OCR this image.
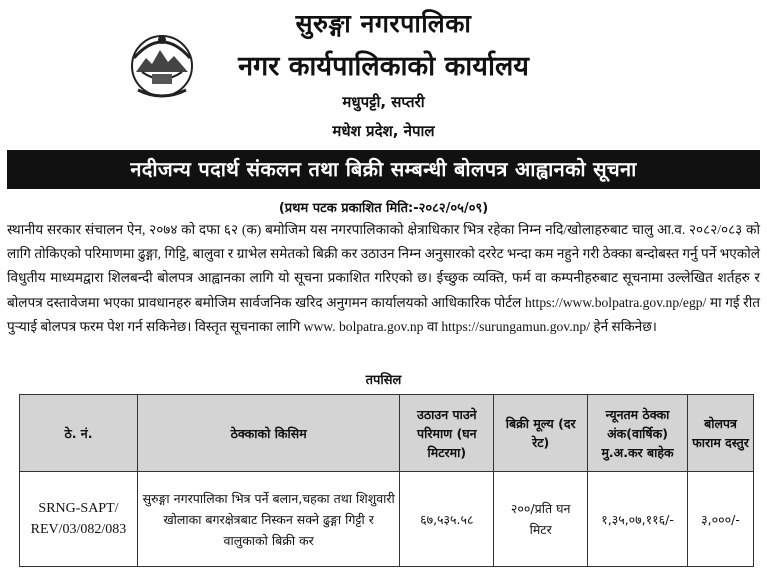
सुरुङ्गा नगरपालिका
नगर कार्यपालिकाको कार्यालय
मधुपट्टी, सप्तरी
मधेश प्रदेश, नेपाल
नदीजन्य पदार्थ संकलन तथा बिक्री सम्बन्धी बोलपत्र आह्वानको सूचना
(प्रथम पटक प्रकाशित मिति:-२०८२/०५/०९)
स्थानीय सरकार संचालन ऐन, २०७४ को दफा ६२ (क) बमोजिम यस नगरपालिकाको क्षेत्राधिकार भित्र रहेका निम्न नदि/खोलाहरुबाट चालु आ.व. २०८२/०८३ को लागि तोकिएको परिमाणमा ढुङ्गा, गिट्टि, बालुवा र ग्राभेल समेतको बिक्री कर उठाउन निम्न अनुसारको दररेट भन्दा कम नहुने गरी ठेक्का बन्दोबस्त गर्नु पर्ने भएकोले विधुतीय माध्यमद्वारा शिलबन्दी बोलपत्र आह्वानका लागि यो सूचना प्रकाशित गरिएको छ। ईच्छुक व्यक्ति, फर्म वा कम्पनीहरुबाट सूचनामा उल्लेखित शर्तहरु र बोलपत्र दस्तावेजमा भएका प्रावधानहरु बमोजिम सार्वजनिक खरिद अनुगमन कार्यालयको आधिकारिक पोर्टल https://www.bolpatra.gov.np/egp/ मा गई रीत पुर्‍याई बोलपत्र फरम पेश गर्न सकिनेछ। विस्तृत सूचनाका लागि www. bolpatra.gov.np वा https://surungamun.gov.np/ हेर्न सकिनेछ।
तपसिल
ठे. नं.	ठेक्काको किसिम	उठाउन पाउने परिमाण (घन मिटरमा)	बिक्री मूल्य (दर रेट)	न्यूनतम ठेक्का अंक(वार्षिक) मु.अ.कर बाहेक	बोलपत्र फाराम दस्तुर
SRNG-SAPT/ REV/03/082/083	सुरुङ्गा नगरपालिका भित्र पर्ने बलान,चहका तथा शिशुवारी खोलाका बगरक्षेत्रबाट निस्कन सक्ने ढुङ्गा गिट्टी र वालुकाको बिक्री कर	६७,५३५.५८	२००/प्रति घन मिटर	१,३५,०७,११६/-	३,०००/-
